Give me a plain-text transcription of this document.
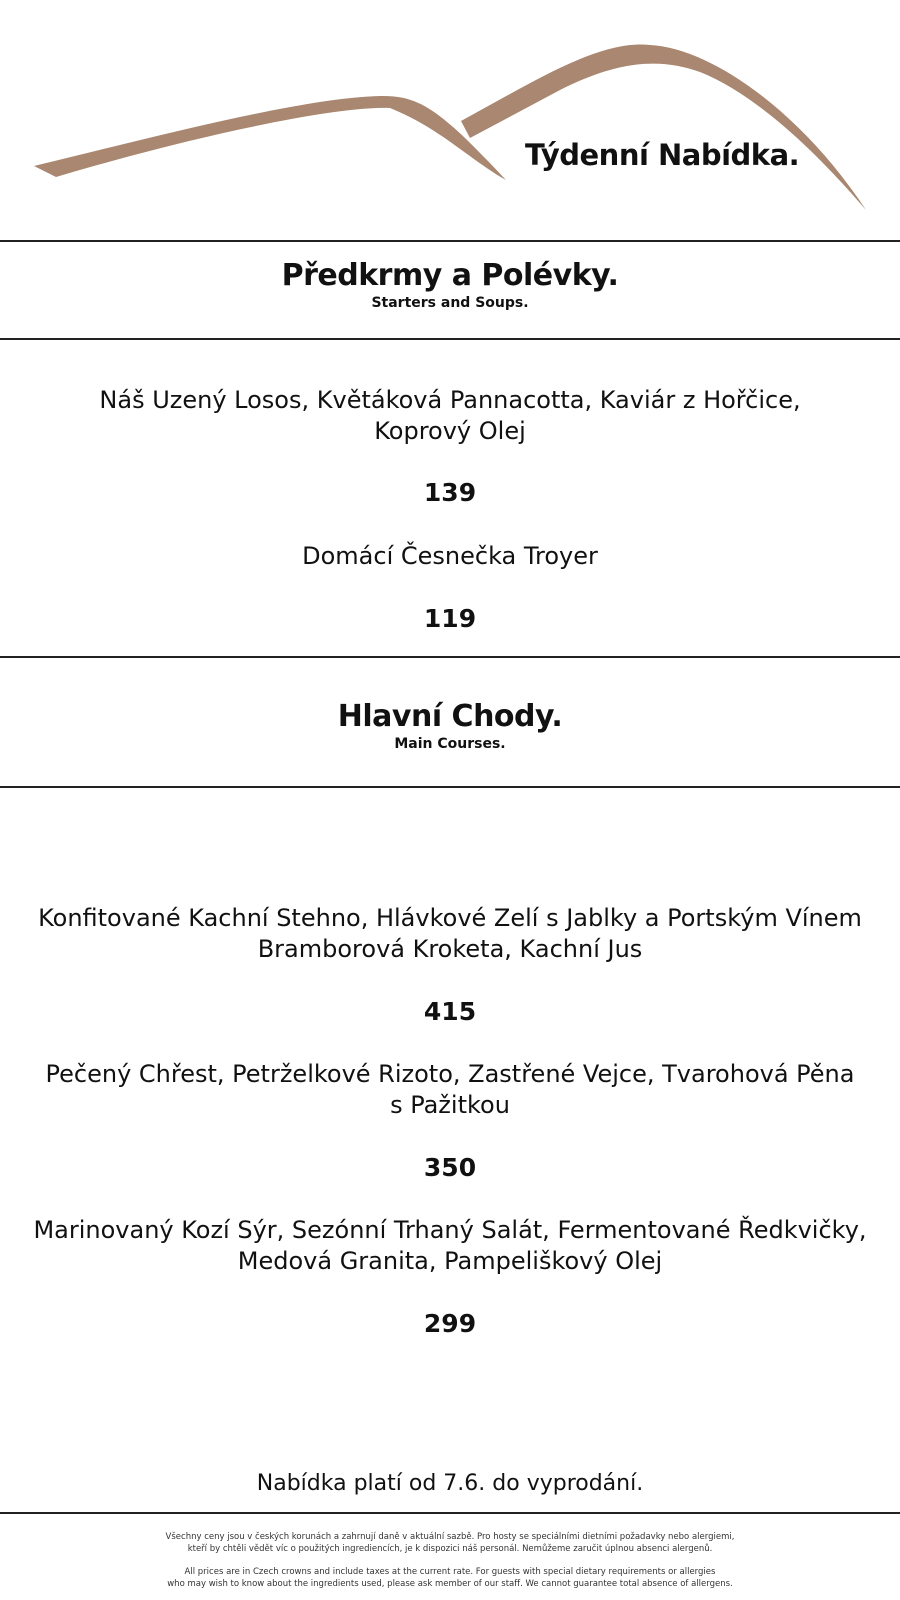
Týdenní Nabídka.
Předkrmy a Polévky.
Starters and Soups.
Náš Uzený Losos, Květáková Pannacotta, Kaviár z Hořčice,
Koprový Olej
139
Domácí Česnečka Troyer
119
Hlavní Chody.
Main Courses.
Konfitované Kachní Stehno, Hlávkové Zelí s Jablky a Portským Vínem
Bramborová Kroketa, Kachní Jus
415
Pečený Chřest, Petrželkové Rizoto, Zastřené Vejce, Tvarohová Pěna
s Pažitkou
350
Marinovaný Kozí Sýr, Sezónní Trhaný Salát, Fermentované Ředkvičky,
Medová Granita, Pampeliškový Olej
299
Nabídka platí od 7.6. do vyprodání.
Všechny ceny jsou v českých korunách a zahrnují daně v aktuální sazbě. Pro hosty se speciálními dietními požadavky nebo alergiemi,
kteří by chtěli vědět víc o použitých ingrediencích, je k dispozici náš personál. Nemůžeme zaručit úplnou absenci alergenů.
All prices are in Czech crowns and include taxes at the current rate. For guests with special dietary requirements or allergies
who may wish to know about the ingredients used, please ask member of our staff. We cannot guarantee total absence of allergens.
